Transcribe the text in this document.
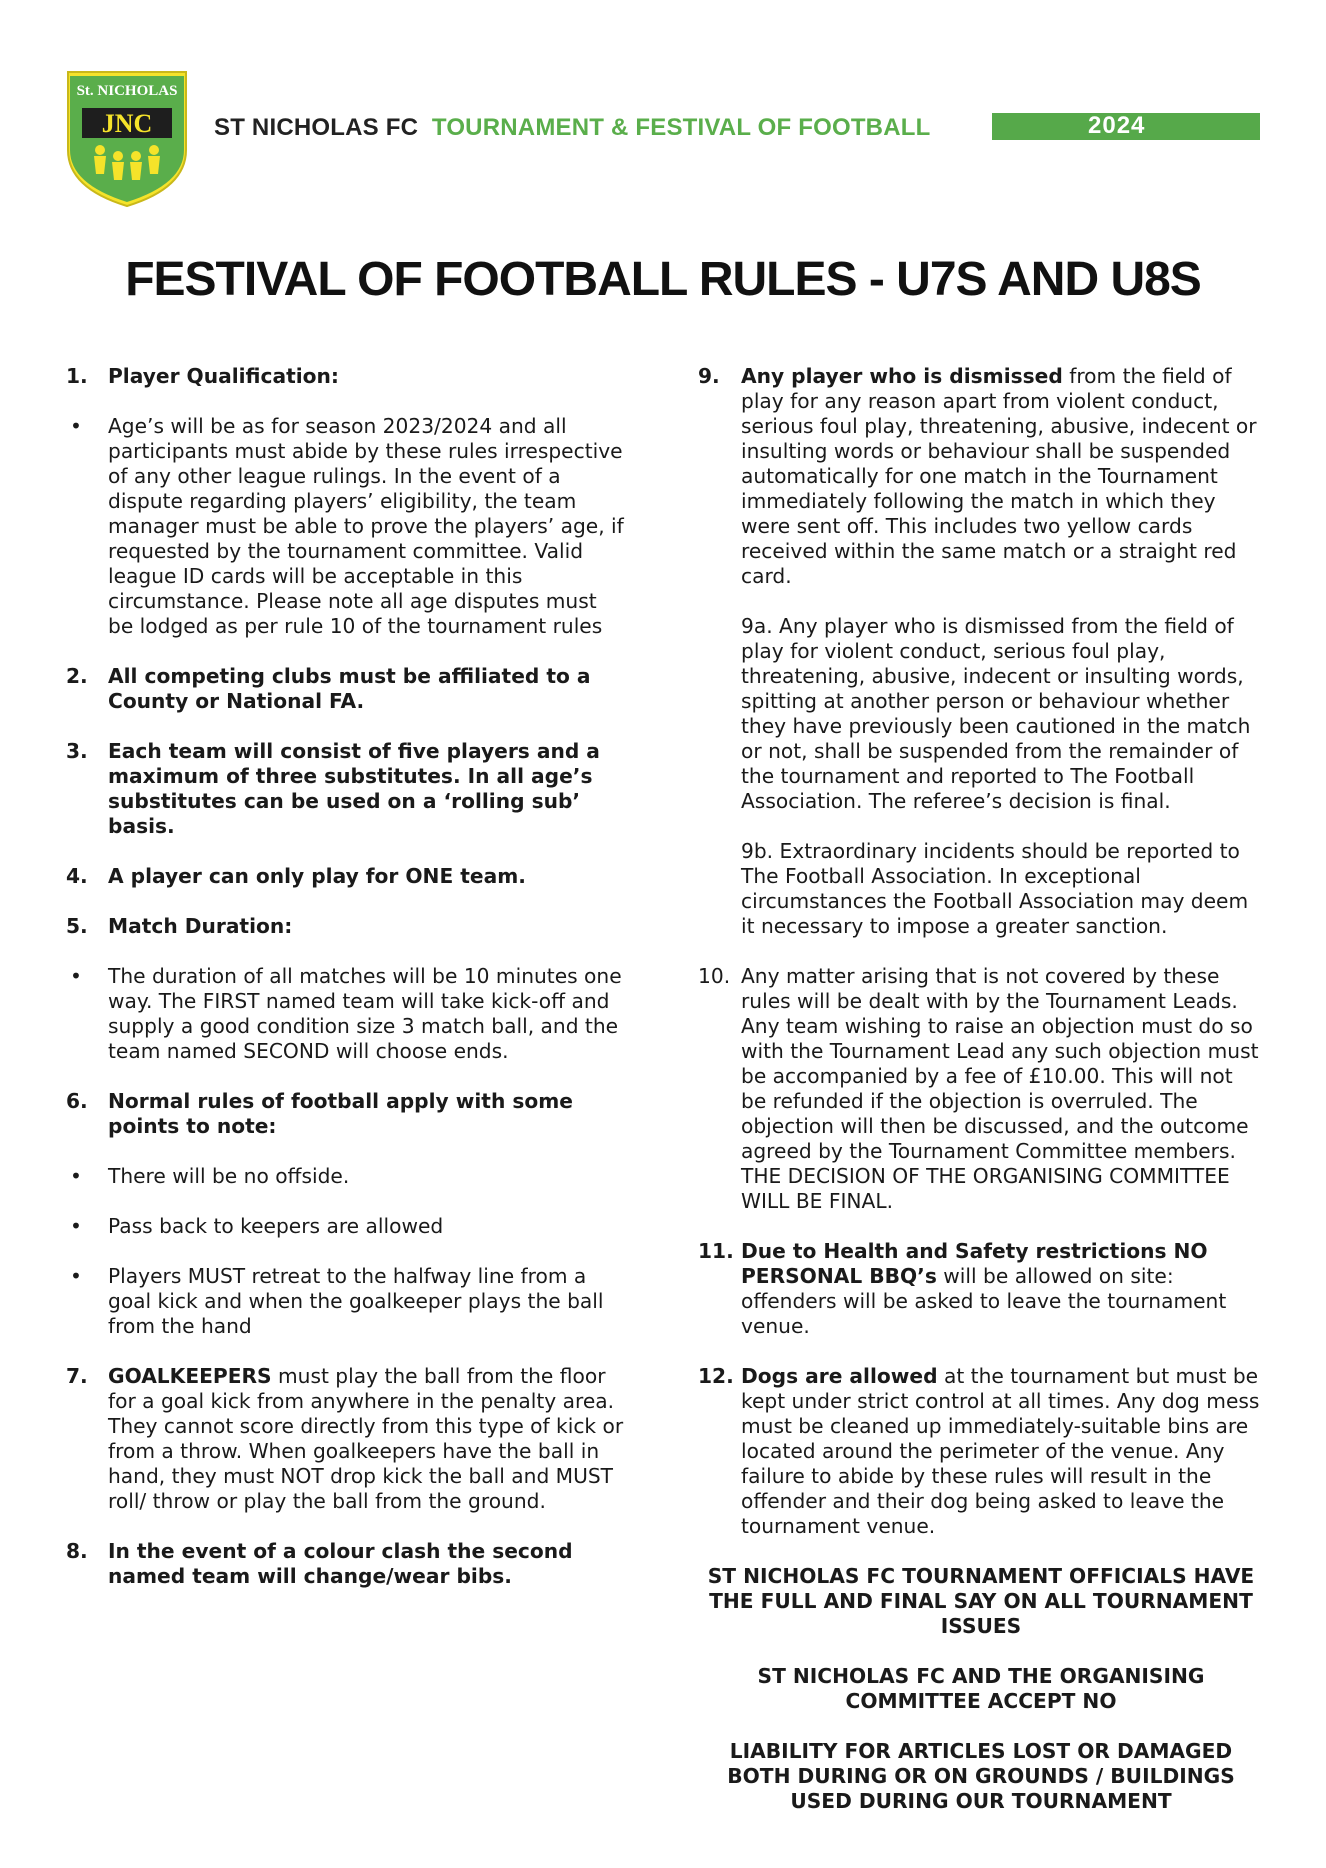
St. NICHOLAS
JNC	ST NICHOLAS FC TOURNAMENT & FESTIVAL OF FOOTBALL	2024
FESTIVAL OF FOOTBALL RULES - U7S AND U8S
1. Player Qualification:
• Age’s will be as for season 2023/2024 and all participants must abide by these rules irrespective of any other league rulings. In the event of a dispute regarding players’ eligibility, the team manager must be able to prove the players’ age, if requested by the tournament committee. Valid league ID cards will be acceptable in this circumstance. Please note all age disputes must be lodged as per rule 10 of the tournament rules
2. All competing clubs must be affiliated to a County or National FA.
3. Each team will consist of five players and a maximum of three substitutes. In all age’s substitutes can be used on a ‘rolling sub’ basis.
4. A player can only play for ONE team.
5. Match Duration:
• The duration of all matches will be 10 minutes one way. The FIRST named team will take kick-off and supply a good condition size 3 match ball, and the team named SECOND will choose ends.
6. Normal rules of football apply with some points to note:
• There will be no offside.
• Pass back to keepers are allowed
• Players MUST retreat to the halfway line from a goal kick and when the goalkeeper plays the ball from the hand
7. GOALKEEPERS must play the ball from the floor for a goal kick from anywhere in the penalty area. They cannot score directly from this type of kick or from a throw. When goalkeepers have the ball in hand, they must NOT drop kick the ball and MUST roll/ throw or play the ball from the ground.
8. In the event of a colour clash the second named team will change/wear bibs.
9. Any player who is dismissed from the field of play for any reason apart from violent conduct, serious foul play, threatening, abusive, indecent or insulting words or behaviour shall be suspended automatically for one match in the Tournament immediately following the match in which they were sent off. This includes two yellow cards received within the same match or a straight red card.
9a. Any player who is dismissed from the field of play for violent conduct, serious foul play, threatening, abusive, indecent or insulting words, spitting at another person or behaviour whether they have previously been cautioned in the match or not, shall be suspended from the remainder of the tournament and reported to The Football Association. The referee’s decision is final.
9b. Extraordinary incidents should be reported to The Football Association. In exceptional circumstances the Football Association may deem it necessary to impose a greater sanction.
10. Any matter arising that is not covered by these rules will be dealt with by the Tournament Leads. Any team wishing to raise an objection must do so with the Tournament Lead any such objection must be accompanied by a fee of £10.00. This will not be refunded if the objection is overruled. The objection will then be discussed, and the outcome agreed by the Tournament Committee members. THE DECISION OF THE ORGANISING COMMITTEE WILL BE FINAL.
11. Due to Health and Safety restrictions NO PERSONAL BBQ’s will be allowed on site: offenders will be asked to leave the tournament venue.
12. Dogs are allowed at the tournament but must be kept under strict control at all times. Any dog mess must be cleaned up immediately-suitable bins are located around the perimeter of the venue. Any failure to abide by these rules will result in the offender and their dog being asked to leave the tournament venue.
ST NICHOLAS FC TOURNAMENT OFFICIALS HAVE THE FULL AND FINAL SAY ON ALL TOURNAMENT ISSUES
ST NICHOLAS FC AND THE ORGANISING COMMITTEE ACCEPT NO
LIABILITY FOR ARTICLES LOST OR DAMAGED BOTH DURING OR ON GROUNDS / BUILDINGS USED DURING OUR TOURNAMENT
